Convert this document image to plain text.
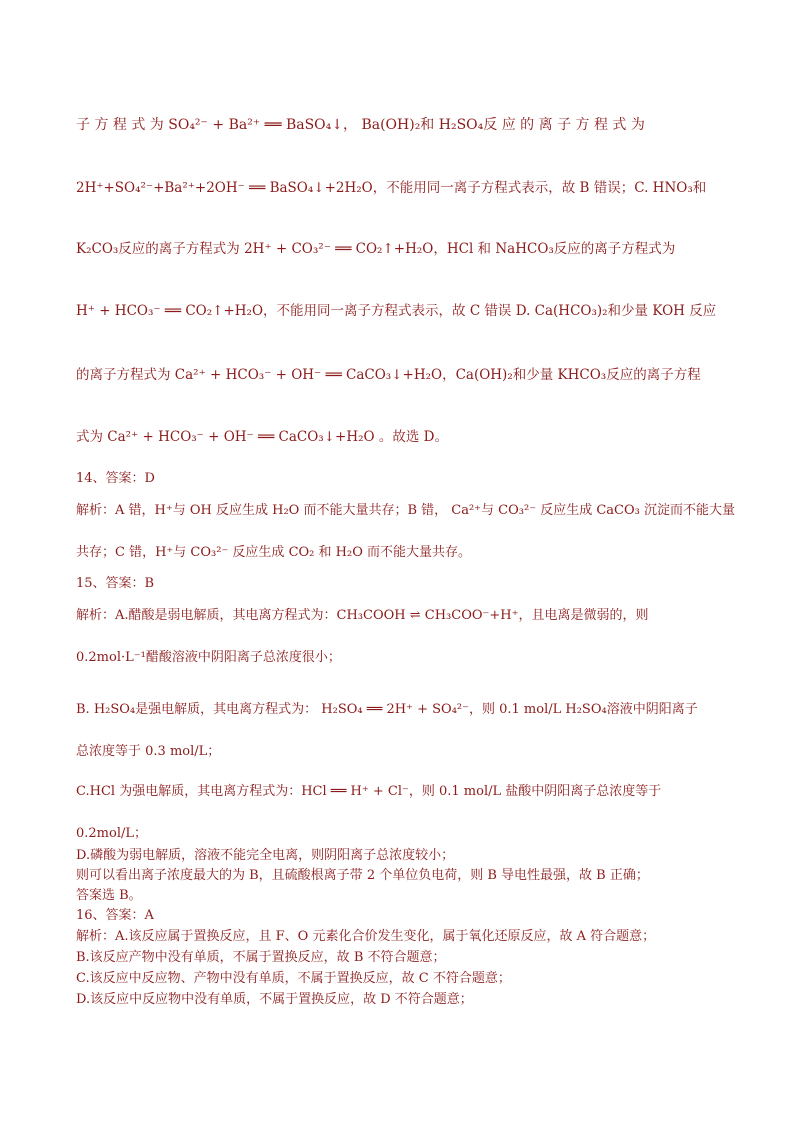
子 方 程 式 为 SO₄²⁻ + Ba²⁺ ══ BaSO₄↓， Ba(OH)₂和 H₂SO₄反 应 的 离 子 方 程 式 为
2H⁺+SO₄²⁻+Ba²⁺+2OH⁻ ══ BaSO₄↓+2H₂O，不能用同一离子方程式表示，故 B 错误；C. HNO₃和
K₂CO₃反应的离子方程式为 2H⁺ + CO₃²⁻ ══ CO₂↑+H₂O，HCl 和 NaHCO₃反应的离子方程式为
H⁺ + HCO₃⁻ ══ CO₂↑+H₂O，不能用同一离子方程式表示，故 C 错误 D. Ca(HCO₃)₂和少量 KOH 反应
的离子方程式为 Ca²⁺ + HCO₃⁻ + OH⁻ ══ CaCO₃↓+H₂O，Ca(OH)₂和少量 KHCO₃反应的离子方程
式为 Ca²⁺ + HCO₃⁻ + OH⁻ ══ CaCO₃↓+H₂O 。故选 D。
14、答案：D
解析：A 错，H⁺与 OH 反应生成 H₂O 而不能大量共存；B 错， Ca²⁺与 CO₃²⁻ 反应生成 CaCO₃ 沉淀而不能大量
共存；C 错，H⁺与 CO₃²⁻ 反应生成 CO₂ 和 H₂O 而不能大量共存。
15、答案：B
解析：A.醋酸是弱电解质，其电离方程式为：CH₃COOH ⇌ CH₃COO⁻+H⁺，且电离是微弱的，则
0.2mol·L⁻¹醋酸溶液中阴阳离子总浓度很小；
B. H₂SO₄是强电解质，其电离方程式为： H₂SO₄ ══ 2H⁺ + SO₄²⁻，则 0.1 mol/L H₂SO₄溶液中阴阳离子
总浓度等于 0.3 mol/L；
C.HCl 为强电解质，其电离方程式为：HCl ══ H⁺ + Cl⁻，则 0.1 mol/L 盐酸中阴阳离子总浓度等于
0.2mol/L；
D.磷酸为弱电解质，溶液不能完全电离，则阴阳离子总浓度较小；
则可以看出离子浓度最大的为 B，且硫酸根离子带 2 个单位负电荷，则 B 导电性最强，故 B 正确；
答案选 B。
16、答案：A
解析：A.该反应属于置换反应，且 F、O 元素化合价发生变化，属于氧化还原反应，故 A 符合题意；
B.该反应产物中没有单质，不属于置换反应，故 B 不符合题意；
C.该反应中反应物、产物中没有单质，不属于置换反应，故 C 不符合题意；
D.该反应中反应物中没有单质，不属于置换反应，故 D 不符合题意；
